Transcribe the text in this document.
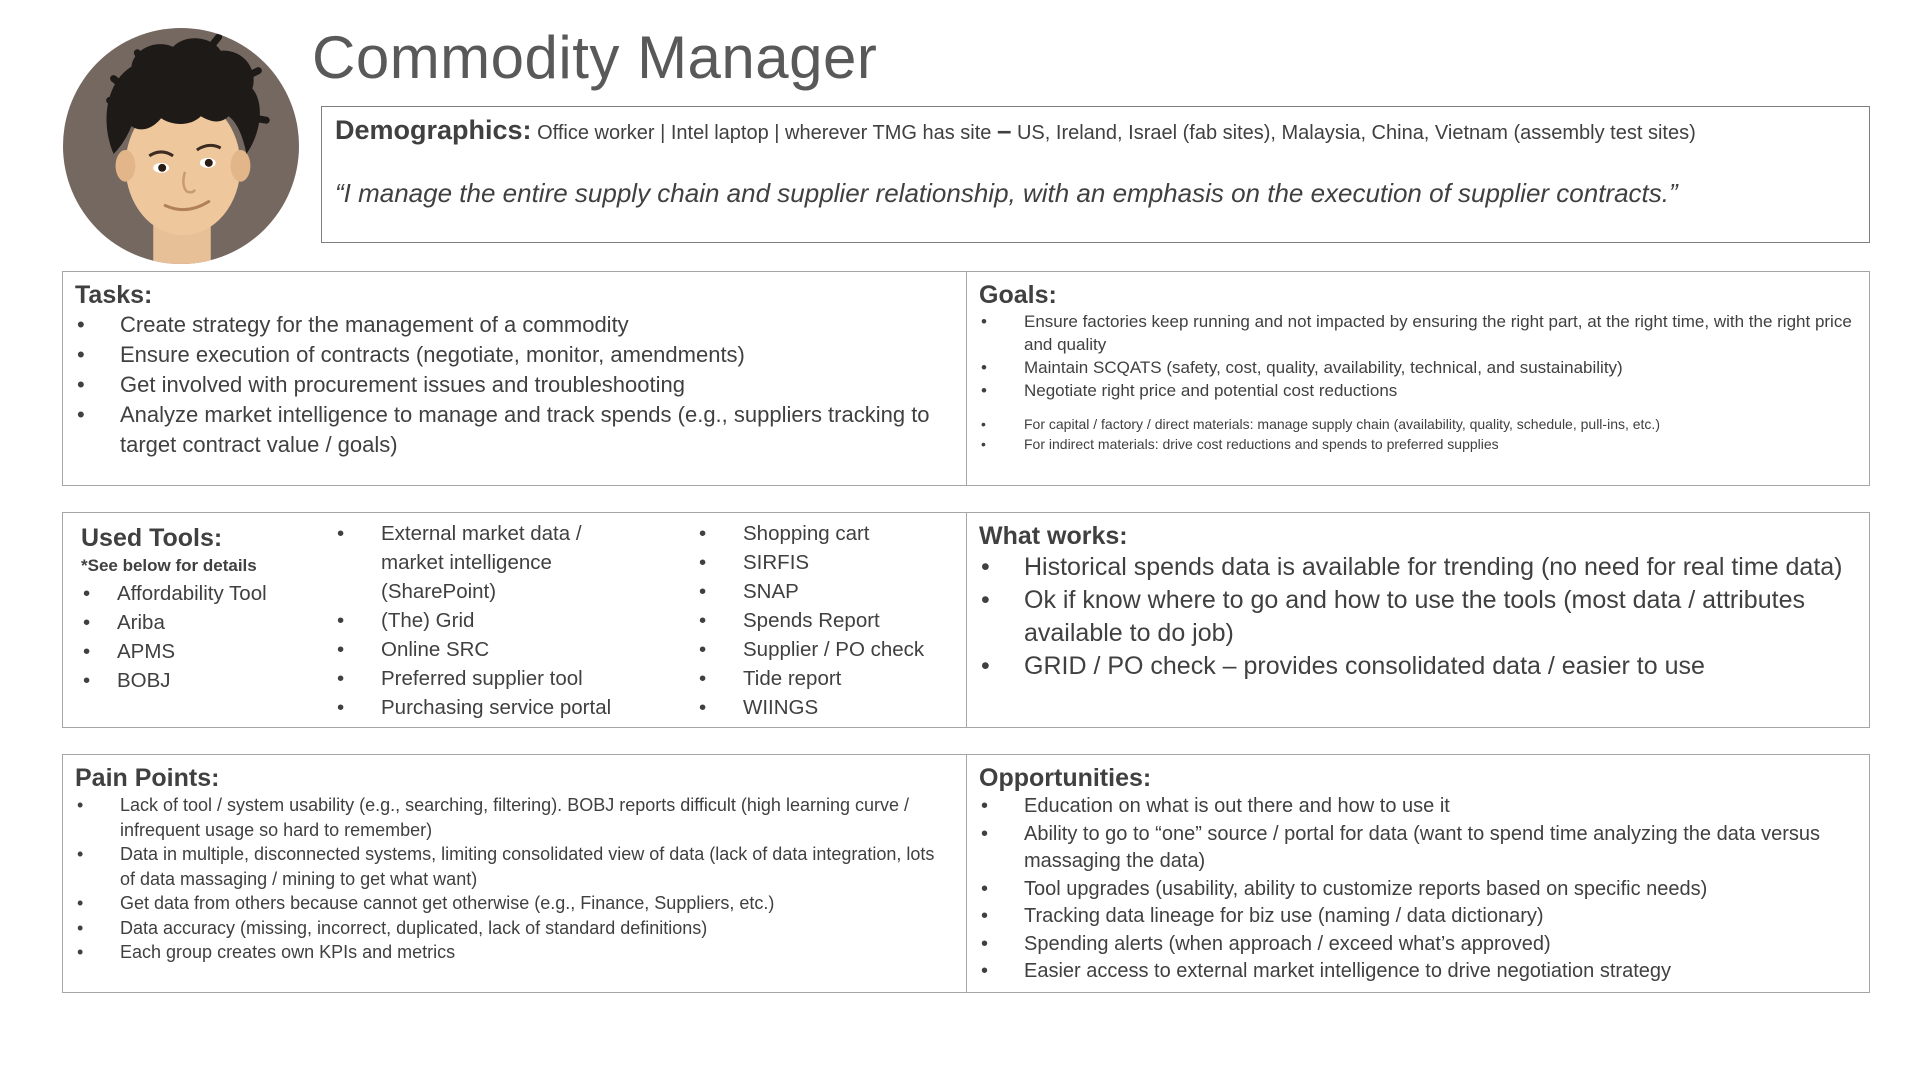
Commodity Manager
Demographics: Office worker | Intel laptop | wherever TMG has site – US, Ireland, Israel (fab sites), Malaysia, China, Vietnam (assembly test sites)
“I manage the entire supply chain and supplier relationship, with an emphasis on the execution of supplier contracts.”
Tasks:
• Create strategy for the management of a commodity
• Ensure execution of contracts (negotiate, monitor, amendments)
• Get involved with procurement issues and troubleshooting
• Analyze market intelligence to manage and track spends (e.g., suppliers tracking to target contract value / goals)
Goals:
• Ensure factories keep running and not impacted by ensuring the right part, at the right time, with the right price and quality
• Maintain SCQATS (safety, cost, quality, availability, technical, and sustainability)
• Negotiate right price and potential cost reductions
• For capital / factory / direct materials: manage supply chain (availability, quality, schedule, pull-ins, etc.)
• For indirect materials: drive cost reductions and spends to preferred supplies
Used Tools:
*See below for details
• Affordability Tool
• Ariba
• APMS
• BOBJ
• External market data / market intelligence (SharePoint)
• (The) Grid
• Online SRC
• Preferred supplier tool
• Purchasing service portal
• Shopping cart
• SIRFIS
• SNAP
• Spends Report
• Supplier / PO check
• Tide report
• WIINGS
What works:
• Historical spends data is available for trending (no need for real time data)
• Ok if know where to go and how to use the tools (most data / attributes available to do job)
• GRID / PO check – provides consolidated data / easier to use
Pain Points:
• Lack of tool / system usability (e.g., searching, filtering). BOBJ reports difficult (high learning curve / infrequent usage so hard to remember)
• Data in multiple, disconnected systems, limiting consolidated view of data (lack of data integration, lots of data massaging / mining to get what want)
• Get data from others because cannot get otherwise (e.g., Finance, Suppliers, etc.)
• Data accuracy (missing, incorrect, duplicated, lack of standard definitions)
• Each group creates own KPIs and metrics
Opportunities:
• Education on what is out there and how to use it
• Ability to go to “one” source / portal for data (want to spend time analyzing the data versus massaging the data)
• Tool upgrades (usability, ability to customize reports based on specific needs)
• Tracking data lineage for biz use (naming / data dictionary)
• Spending alerts (when approach / exceed what’s approved)
• Easier access to external market intelligence to drive negotiation strategy
